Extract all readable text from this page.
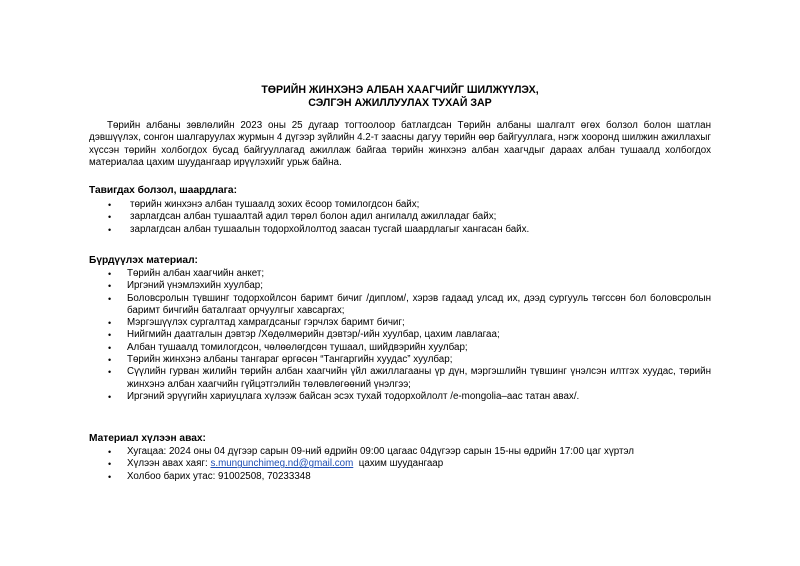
ТӨРИЙН ЖИНХЭНЭ АЛБАН ХААГЧИЙГ ШИЛЖҮҮЛЭХ,
СЭЛГЭН АЖИЛЛУУЛАХ ТУХАЙ ЗАР
Төрийн албаны зөвлөлийн 2023 оны 25 дугаар тогтоолоор батлагдсан Төрийн албаны шалгалт өгөх болзол болон шатлан дэвшүүлэх, сонгон шалгаруулах журмын 4 дүгээр зүйлийн 4.2-т заасны дагуу төрийн өөр байгууллага, нэгж хооронд шилжин ажиллахыг хүссэн төрийн холбогдох бусад байгууллагад ажиллаж байгаа төрийн жинхэнэ албан хаагчдыг дараах албан тушаалд холбогдох материалаа цахим шуудангаар ирүүлэхийг урьж байна.
Тавигдах болзол, шаардлага:
• төрийн жинхэнэ албан тушаалд зохих ёсоор томилогдсон байх;
• зарлагдсан албан тушаалтай адил төрөл болон адил ангилалд ажилладаг байх;
• зарлагдсан албан тушаалын тодорхойлолтод заасан тусгай шаардлагыг хангасан байх.
Бүрдүүлэх материал:
• Төрийн албан хаагчийн анкет;
• Иргэний үнэмлэхийн хуулбар;
• Боловсролын түвшинг тодорхойлсон баримт бичиг /диплом/, хэрэв гадаад улсад их, дээд сургууль төгссөн бол боловсролын баримт бичгийн баталгаат орчуулгыг хавсаргах;
• Мэргэшүүлэх сургалтад хамрагдсаныг гэрчлэх баримт бичиг;
• Нийгмийн даатгалын дэвтэр /Хөдөлмөрийн дэвтэр/-ийн хуулбар, цахим лавлагаа;
• Албан тушаалд томилогдсон, чөлөөлөгдсөн тушаал, шийдвэрийн хуулбар;
• Төрийн жинхэнэ албаны тангараг өргөсөн “Тангаргийн хуудас” хуулбар;
• Сүүлийн гурван жилийн төрийн албан хаагчийн үйл ажиллагааны үр дүн, мэргэшлийн түвшинг үнэлсэн илтгэх хуудас, төрийн жинхэнэ албан хаагчийн гүйцэтгэлийн төлөвлөгөөний үнэлгээ;
• Иргэний эрүүгийн хариуцлага хүлээж байсан эсэх тухай тодорхойлолт /e-mongolia–аас татан авах/.
Материал хүлээн авах:
• Хугацаа: 2024 оны 04 дүгээр сарын 09-ний өдрийн 09:00 цагаас 04дүгээр сарын 15-ны өдрийн 17:00 цаг хүртэл
• Хүлээн авах хаяг: s.mungunchimeg.nd@gmail.com  цахим шуудангаар
• Холбоо барих утас: 91002508, 70233348
